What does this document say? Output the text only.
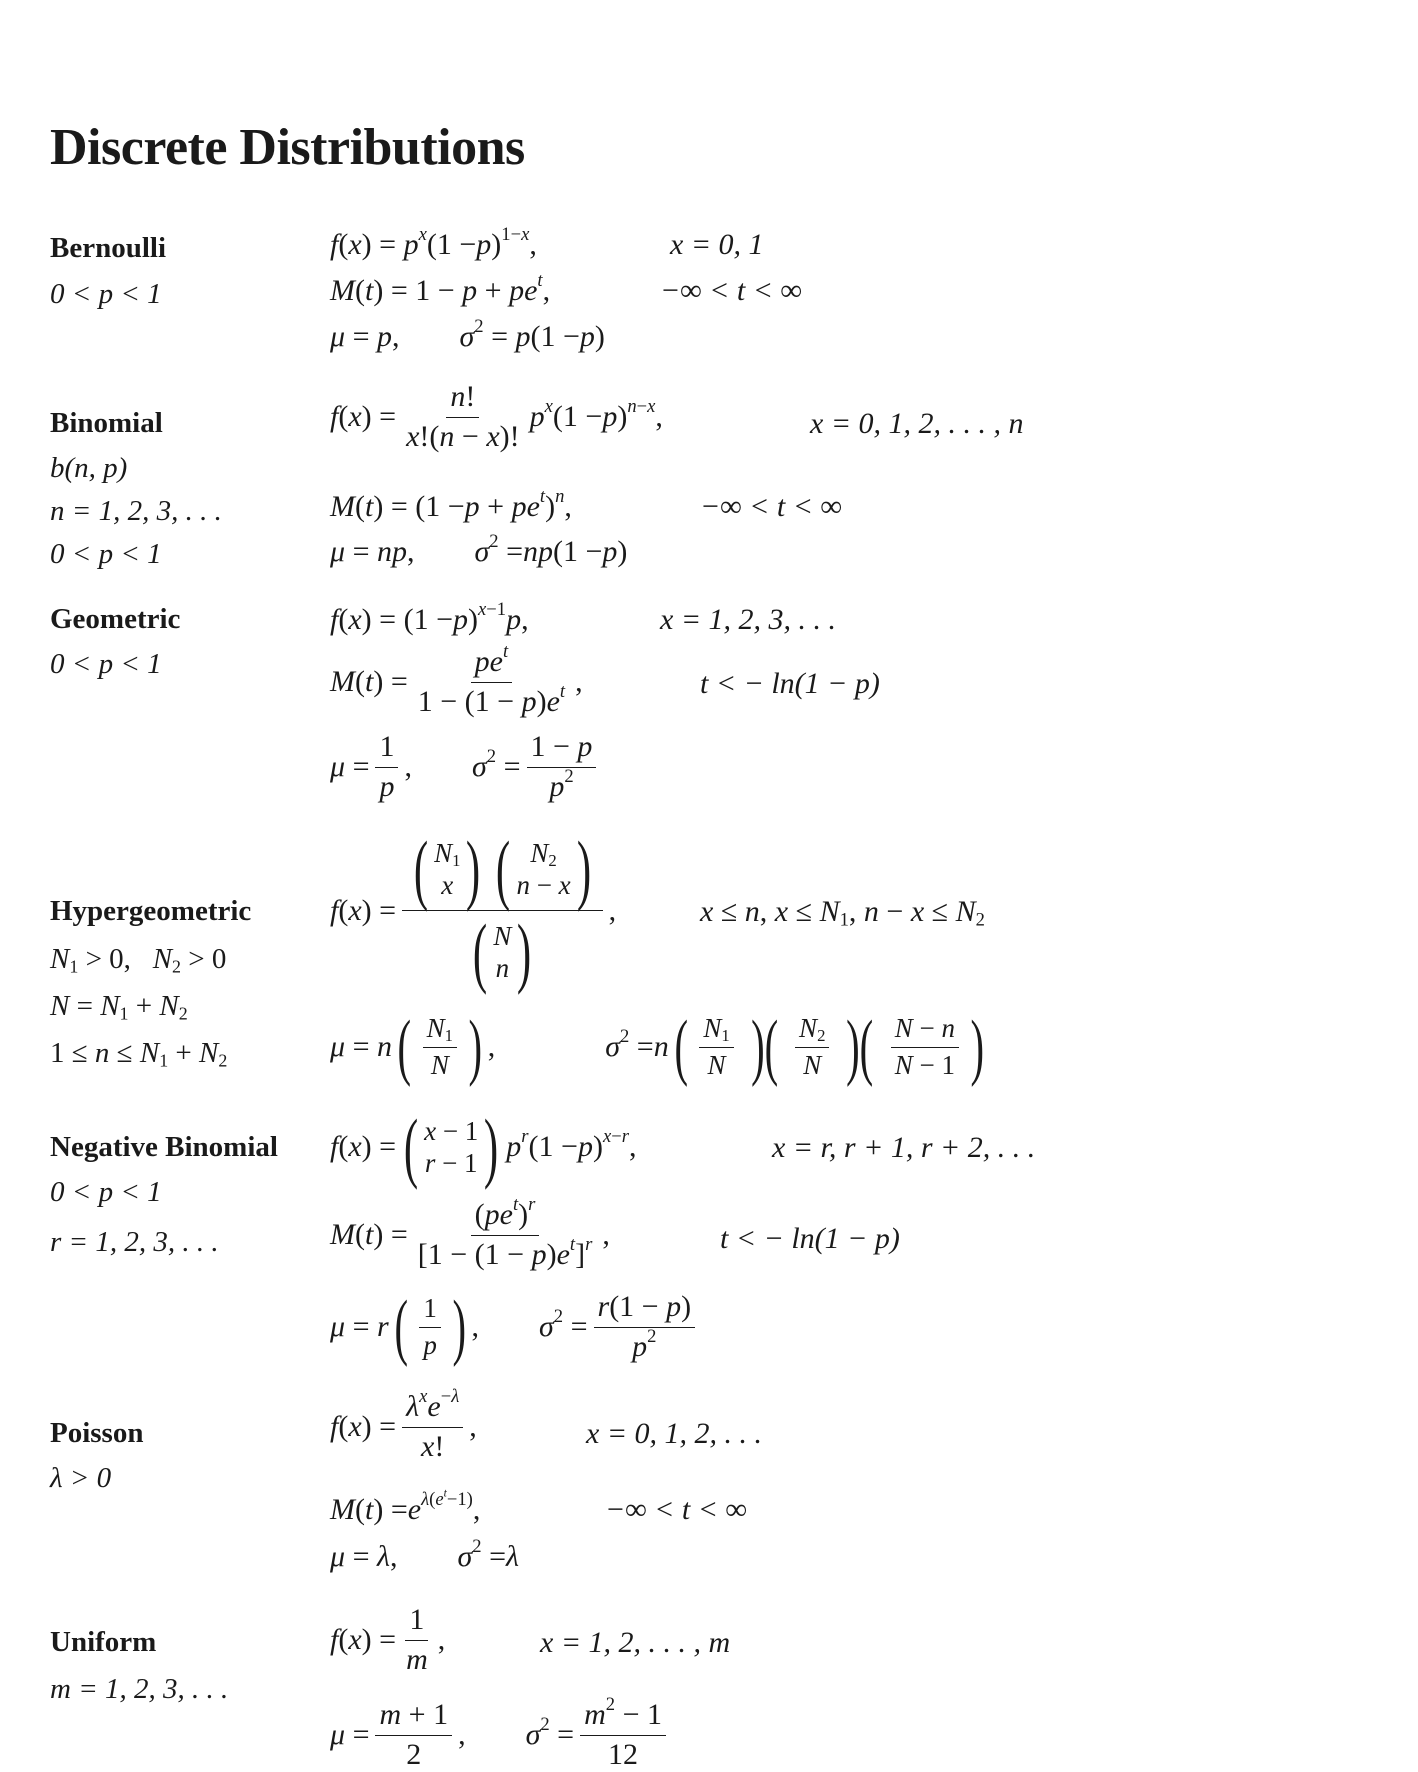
Discrete Distributions
Bernoulli
0 < p < 1
f ( x ) = $p^x$ (1 − p )$^{1-x}$,	x = 0, 1
M ( t ) = $1 - p + pe^t$ ,	−∞ < t < ∞
μ = p , σ $^2$ = p (1 − p )
Binomial
b(n, p)
n = 1, 2, 3, . . .
0 < p < 1
f ( x ) = $\frac{n!}{x!(n - x)!} p^x$ (1 − p )$^{n-x}$,	x = 0, 1, 2, . . . , n
M ( t ) = ($1 - p + pe^t$ )$^n$,	−∞ < t < ∞
μ = np , σ $^2$ = np (1 − p )
Geometric
0 < p < 1
f ( x ) = (1 − p )$^{x-1}$ p ,	x = 1, 2, 3, . . .
M ( t ) = $\frac{pe^t}{1 - (1 - p)e^t}$ ,	t < − ln(1 − p)
$\mu = \frac{1}{p}$ , σ $^2 = \frac{1 - p}{p^2}$
Hypergeometric
$N_1 > 0$,   $N_2 > 0$
$N = N_1 + N_2$
$1 \le n \le N_1 + N_2$
f ( x ) = ( $N_1$
x ) ( $N_2$
n − x )
( N
n ) ,	x ≤ n, $x \le N_1$, $n - x \le N_2$
μ = n ( $\frac{N_1}{N}$ ) ,	σ $^2$ = n ( $\frac{N_1}{N}$ )( $\frac{N_2}{N}$ )( $\frac{N - n}{N - 1}$ )
Negative Binomial
0 < p < 1
r = 1, 2, 3, . . .
f ( x ) = ( x − 1
r − 1 ) $p^r$ (1 − p )$^{x-r}$,	x = r, r + 1, r + 2, . . .
M ( t ) = $\frac{(pe^t)^r}{[1 - (1 - p)e^t]^r}$ ,	t < − ln(1 − p)
μ = r ( $\frac{1}{p}$ ) , σ $^2 = \frac{r(1 - p)}{p^2}$
Poisson
λ > 0
f ( x ) = $\frac{\lambda^xe^{-\lambda}}{x!}$ ,	x = 0, 1, 2, . . .
M ( t ) = $e^{\lambda(e^t-1)}$ ,	−∞ < t < ∞
μ = λ , σ $^2$ = λ
Uniform
m = 1, 2, 3, . . .
f ( x ) = $\frac{1}{m}$ ,	x = 1, 2, . . . , m
$\mu = \frac{m + 1}{2}$ , σ $^2 = \frac{m^2 - 1}{12}$
